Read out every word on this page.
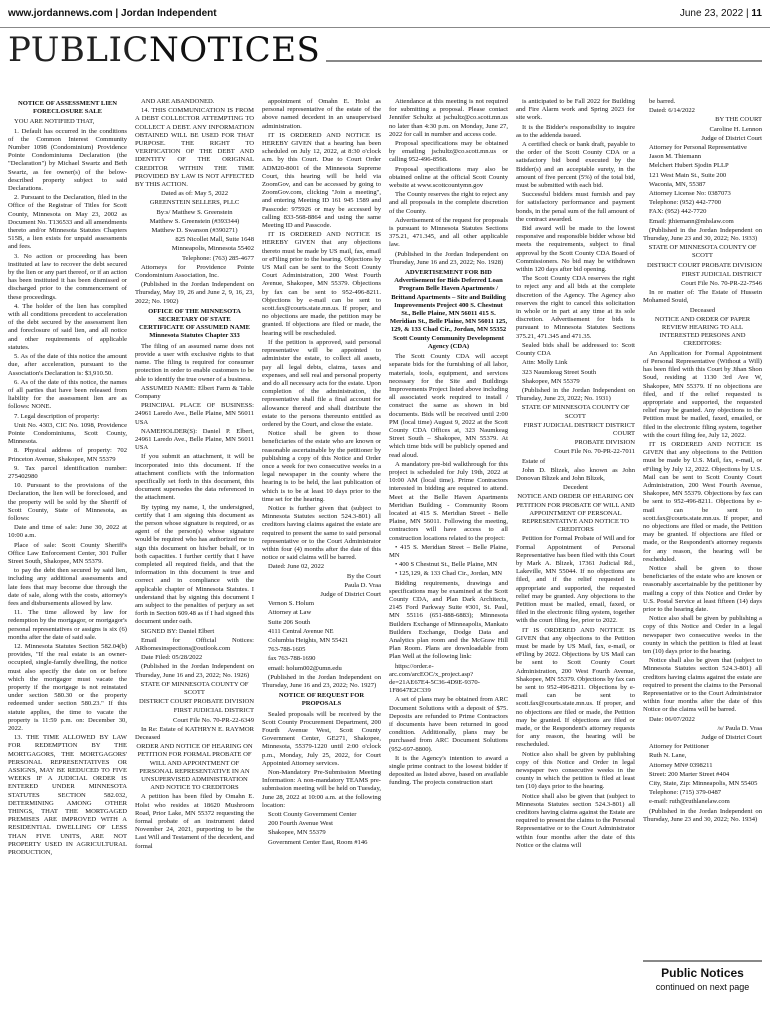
www.jordannews.com | Jordan Independent	June 23, 2022 | 11
PUBLIC NOTICES

NOTICE OF ASSESSMENT LIEN FORECLOSURE SALE

YOU ARE NOTIFIED THAT,

1. Default has occurred in the conditions of the Common Interest Community Number 1098 (Condominium) Providence Pointe Condominiums Declaration (the "Declaration") by Michael Swartz and Beth Swartz, as fee owner(s) of the below-described property subject to said Declarations.

2. Pursuant to the Declaration, filed in the Office of the Registrar of Titles for Scott County, Minnesota on May 23, 2002 as Document No. T136533 and all amendments thereto and/or Minnesota Statutes Chapters 515B, a lien exists for unpaid assessments and fees.

3. No action or proceeding has been instituted at law to recover the debt secured by the lien or any part thereof, or if an action has been instituted it has been dismissed or discharged prior to the commencement of these proceedings.

4. The holder of the lien has complied with all conditions precedent to acceleration of the debt secured by the assessment lien and foreclosure of said lien, and all notice and other requirements of applicable statutes.

5. As of the date of this notice the amount due, after acceleration, pursuant to the Association's Declaration is: $3,910.50.

6. As of the date of this notice, the names of all parties that have been released from liability for the assessment lien are as follows: NONE.

7. Legal description of property:

Unit No. 4303, CIC No. 1098, Providence Pointe Condominiums, Scott County, Minnesota.

8. Physical address of property: 702 Princeton Avenue, Shakopee, MN 55379

9. Tax parcel identification number: 275402980

10. Pursuant to the provisions of the Declaration, the lien will be foreclosed, and the property will be sold by the Sheriff of Scott County, State of Minnesota, as follows:

Date and time of sale: June 30, 2022 at 10:00 a.m.

Place of sale: Scott County Sheriff's Office Law Enforcement Center, 301 Fuller Street South, Shakopee, MN 55379.

to pay the debt then secured by said lien, including any additional assessments and late fees that may become due through the date of sale, along with the costs, attorney's fees and disbursements allowed by law.

11. The time allowed by law for redemption by the mortgagor, or mortgagor's personal representatives or assigns is six (6) months after the date of said sale.

12. Minnesota Statutes Section 582.04(b) provides, "If the real estate is an owner-occupied, single-family dwelling, the notice must also specify the date on or before which the mortgagor must vacate the property if the mortgage is not reinstated under section 580.30 or the property redeemed under section 580.23." If this statute applies, the time to vacate the property is 11:59 p.m. on: December 30, 2022.

13. THE TIME ALLOWED BY LAW FOR REDEMPTION BY THE MORTGAGORS, THE MORTGAGORS' PERSONAL REPRESENTATIVES OR ASSIGNS, MAY BE REDUCED TO FIVE WEEKS IF A JUDICIAL ORDER IS ENTERED UNDER MINNESOTA STATUTES SECTION 582.032, DETERMINING AMONG OTHER THINGS, THAT THE MORTGAGED PREMISES ARE IMPROVED WITH A RESIDENTIAL DWELLING OF LESS THAN FIVE UNITS, ARE NOT PROPERTY USED IN AGRICULTURAL PRODUCTION,

AND ARE ABANDONED.

14. THIS COMMUNICATION IS FROM A DEBT COLLECTOR ATTEMPTING TO COLLECT A DEBT. ANY INFORMATION OBTAINED WILL BE USED FOR THAT PURPOSE. THE RIGHT TO VERIFICATION OF THE DEBT AND IDENTITY OF THE ORIGINAL CREDITOR WITHIN THE TIME PROVIDED BY LAW IS NOT AFFECTED BY THIS ACTION.

Dated as of: May 5, 2022

GREENSTEIN SELLERS, PLLC

By:s/ Matthew S. Greenstein

Matthew S. Greenstein (#393344)

Matthew D. Swanson (#390271)

825 Nicollet Mall, Suite 1648

Minneapolis, Minnesota 55402

Telephone: (763) 285-4677

Attorneys for Providence Pointe Condominium Association, Inc.

(Published in the Jordan Independent on Thursday, May 19, 26 and June 2, 9, 16, 23, 2022; No. 1902)

OFFICE OF THE MINNESOTA SECRETARY OF STATE CERTIFICATE OF ASSUMED NAME Minnesota Statutes Chapter 333

The filing of an assumed name does not provide a user with exclusive rights to that name. The filing is required for consumer protection in order to enable customers to be able to identify the true owner of a business.

ASSUMED NAME: Elbert Farm & Table Company

PRINCIPAL PLACE OF BUSINESS: 24961 Laredo Ave., Belle Plaine, MN 56011 USA

NAMEHOLDER(S): Daniel P. Elbert, 24961 Laredo Ave., Belle Plaine, MN 56011 USA

If you submit an attachment, it will be incorporated into this document. If the attachment conflicts with the information specifically set forth in this document, this document supersedes the data referenced in the attachment.

By typing my name, I, the undersigned, certify that I am signing this document as the person whose signature is required, or as agent of the person(s) whose signature would be required who has authorized me to sign this document on his/her behalf, or in both capacities. I further certify that I have completed all required fields, and that the information in this document is true and correct and in compliance with the applicable chapter of Minnesota Statutes. I understand that by signing this document I am subject to the penalties of perjury as set forth in Section 609.48 as if I had signed this document under oath.

SIGNED BY: Daniel Elbert

Email for Official Notices: ARhomesinspections@outlook.com

Date Filed: 05/28/2022

(Published in the Jordan Independent on Thursday, June 16 and 23, 2022; No. 1926)

STATE OF MINNESOTA COUNTY OF SCOTT

DISTRICT COURT PROBATE DIVISION

FIRST JUDICIAL DISTRICT

Court File No. 70-PR-22-6349

In Re: Estate of KATHRYN E. RAYMOR Deceased

ORDER AND NOTICE OF HEARING ON PETITION FOR FORMAL PROBATE OF WILL AND APPOINTMENT OF PERSONAL REPRESENTATIVE IN AN UNSUPERVISED ADMINISTRATION AND NOTICE TO CREDITORS

A petition has been filed by Omahn E. Holst who resides at 18620 Mushroom Road, Prior Lake, MN 55372 requesting the formal probate of an instrument dated November 24, 2021, purporting to be the Last Will and Testament of the decedent, and formal

appointment of Omahn E. Holst as personal representative of the estate of the above named decedent in an unsupervised administration.

IT IS ORDERED AND NOTICE IS HEREBY GIVEN that a hearing has been scheduled on July 12, 2022, at 8:30 o'clock a.m. by this Court. Due to Court Order ADM20-8001 of the Minnesota Supreme Court, this hearing will be held via ZoomGov, and can be accessed by going to ZoomGov.com, clicking "Join a meeting", and entering Meeting ID 161 945 1589 and Passcode: 975926 or may be accessed by calling 833-568-8864 and using the same Meeting ID and Passcode.

IT IS ORDERED AND NOTICE IS HEREBY GIVEN that any objections thereto must be made by US mail, fax, email or eFiling prior to the hearing. Objections by US Mail can be sent to the Scott County Court Administration, 200 West Fourth Avenue, Shakopee, MN 55379. Objections by fax can be sent to 952-496-8211. Objections by e-mail can be sent to scott.fax@courts.state.mn.us. If proper, and no objections are made, the petition may be granted. If objections are filed or made, the hearing will be rescheduled.

If the petition is approved, said personal representative will be appointed to administer the estate, to collect all assets, pay all legal debts, claims, taxes and expenses, and sell real and personal property and do all necessary acts for the estate. Upon completion of the administration, the representative shall file a final account for allowance thereof and shall distribute the estate to the persons thereunto entitled as ordered by the Court, and close the estate.

Notice shall be given to those beneficiaries of the estate who are known or reasonable ascertainable by the petitioner by publishing a copy of this Notice and Order once a week for two consecutive weeks in a legal newspaper in the county where the hearing is to be held, the last publication of which is to be at least 10 days prior to the time set for the hearing.

Notice is further given that (subject to Minnesota Statutes section 524.3-801) all creditors having claims against the estate are required to present the same to said personal representative or to the Court Administrator within four (4) months after the date of this notice or said claims will be barred.

Dated: June 02, 2022

By the Court

Paula D. Vraa

Judge of District Court

Vernon S. Holum

Attorney at Law

Suite 206 South

4111 Central Avenue NE

Columbia Heights, MN 55421

763-788-1605

fax 763-788-1690

email: holum002@umn.edu

(Published in the Jordan Independent on Thursday, June 16 and 23, 2022; No. 1927)

NOTICE OF REQUEST FOR PROPOSALS

Sealed proposals will be received by the Scott County Procurement Department, 200 Fourth Avenue West, Scott County Government Center, GE271, Shakopee, Minnesota, 55379-1220 until 2:00 o'clock p.m., Monday, July 25, 2022, for Court Appointed Attorney services.

Non-Mandatory Pre-Submission Meeting Information: A non-mandatory TEAMS pre-submission meeting will be held on Tuesday, June 28, 2022 at 10:00 a.m. at the following location:

Scott County Government Center

200 Fourth Avenue West

Shakopee, MN 55379

Government Center East, Room #146

Attendance at this meeting is not required for submitting a proposal. Please contact Jennifer Schultz at jschultz@co.scott.mn.us no later than 4:30 p.m. on Monday, June 27, 2022 for call in number and access code.

Proposal specifications may be obtained by emailing jschultz@co.scott.mn.us or calling 952-496-8568.

Proposal specifications may also be obtained online at the official Scott County website at www.scottcountymn.gov

The County reserves the right to reject any and all proposals in the complete discretion of the County.

Advertisement of the request for proposals is pursuant to Minnesota Statutes Sections 375.21, 471.345, and all other applicable law.

(Published in the Jordan Independent on Thursday, June 16 and 23, 2022; No. 1928)

ADVERTISEMENT FOR BID Advertisement for Bids Deferred Loan Program Belle Haven Apartments / Brittand Apartments – Site and Building Improvements Project 400 S. Chestnut St., Belle Plaine, MN 56011 415 S. Meridian St., Belle Plaine, MN 56011 125, 129, & 133 Chad Cir., Jordan, MN 55352 Scott County Community Development Agency (CDA)

The Scott County CDA will accept separate bids for the furnishing of all labor, materials, tools, equipment, and services necessary for the Site and Buildings Improvements Project listed above including all associated work required to install / construct the same as shown in bid documents. Bids will be received until 2:00 PM (local time) August 9, 2022 at the Scott County CDA Offices at, 323 Naumkeag Street South – Shakopee, MN 55379. At which time bids will be publicly opened and read aloud.

A mandatory pre-bid walkthrough for this project is scheduled for July 19th, 2022 at 10:00 AM (local time). Prime Contractors interested in bidding are required to attend. Meet at the Belle Haven Apartments Meridian Building - Community Room located at 415 S. Meridian Street - Belle Plaine, MN 56011. Following the meeting, contractors will have access to all construction locations related to the project:

• 415 S. Meridian Street – Belle Plaine, MN

• 400 S Chestnut St., Belle Plaine, MN

• 125,129, & 133 Chad Cir., Jordan, MN

Bidding requirements, drawings and specifications may be examined at the Scott County CDA, and Plan Dark Architects, 2145 Ford Parkway Suite #301, St. Paul, MN 55116 (651-888-6883); Minnesota Builders Exchange of Minneapolis, Mankato Builders Exchange, Dodge Data and Analytics plan room and the McGraw Hill Plan Room. Plans are downloadable from Plan Well at the following link:

https://order.e-arc.com/arcEOC/x_project.asp?de=21AE67E4-5C36-4D9E-9370-1F8647E2C339

A set of plans may be obtained from ARC Document Solutions with a deposit of $75. Deposits are refunded to Prime Contractors if documents have been returned in good condition. Additionally, plans may be purchased from ARC Document Solutions (952-697-8800).

It is the Agency's intention to award a single prime contract to the lowest bidder if deposited as listed above, based on available funding. The projects construction start

is anticipated to be Fall 2022 for Building and Fire Alarm work and Spring 2023 for site work.

It is the Bidder's responsibility to inquire as to the addenda issued.

A certified check or bank draft, payable to the order of the Scott County CDA or a satisfactory bid bond executed by the Bidder(s) and an acceptable surety, in the amount of five percent (5%) of the total bid, must be submitted with each bid.

Successful bidders must furnish and pay for satisfactory performance and payment bonds, in the penal sum of the full amount of the contract awarded.

Bid award will be made to the lowest responsive and responsible bidder whose bid meets the requirements, subject to final approval by the Scott County CDA Board of Commissioners. No bid may be withdrawn within 120 days after bid opening.

The Scott County CDA reserves the right to reject any and all bids at the complete discretion of the Agency. The Agency also reserves the right to cancel this solicitation in whole or in part at any time at its sole discretion. Advertisement for bids is pursuant to Minnesota Statutes Sections 375.21, 471.345 and 471.35.

Sealed bids shall be addressed to: Scott County CDA

Attn: Molly Link

323 Naumkeag Street South

Shakopee, MN 55379

(Published in the Jordan Independent on Thursday, June 23, 2022; No. 1931)

STATE OF MINNESOTA COUNTY OF SCOTT

FIRST JUDICIAL DISTRICT DISTRICT COURT

PROBATE DIVISION

Court File No. 70-PR-22-7011

Estate of

John D. Blizek, also known as John Donovan Blizek and John Blizek,

Decedent

NOTICE AND ORDER OF HEARING ON PETITION FOR PROBATE OF WILL AND APPOINTMENT OF PERSONAL REPRESENTATIVE AND NOTICE TO CREDITORS

Petition for Formal Probate of Will and for Formal Appointment of Personal Representative has been filed with this Court by Mark A. Blizek, 17361 Judicial Rd., Lakeville, MN 55044. If no objections are filed, and if the relief requested is appropriate and supported, the requested relief may be granted. Any objections to the Petition must be mailed, email, faxed, or filed in the electronic filing system, together with the court filing fee, prior to 2022.

IT IS ORDERED AND NOTICE IS GIVEN that any objections to the Petition must be made by US Mail, fax, e-mail, or eFiling by 2022. Objections by US Mail can be sent to Scott County Court Administration, 200 West Fourth Avenue, Shakopee, MN 55379. Objections by fax can be sent to 952-496-8211. Objections by e-mail can be sent to scott.fax@courts.state.mn.us. If proper, and no objections are filed or made, the Petition may be granted. If objections are filed or made, or the Respondent's attorney requests for any reason, the hearing will be rescheduled.

Notice also shall be given by publishing copy of this Notice and Order in legal newspaper two consecutive weeks in the county in which the petition is filed at least ten (10) days prior to the hearing.

Notice shall also be given that (subject to Minnesota Statutes section 524.3-801) all creditors having claims against the Estate are required to present the claims to the Personal Representative or to the Court Administrator within four months after the date of this Notice or the claims will

be barred.

Dated: 6/14/2022

BY THE COURT

Caroline H. Lennon

Judge of District Court

Attorney for Personal Representative

Jason M. Thiemann

Melchert Hubert Sjodin PLLP

121 West Main St., Suite 200

Waconia, MN, 55387

Attorney License No: 0387073

Telephone: (952) 442-7700

FAX: (952) 442-7720

Email: jthiemann@mhslaw.com

(Published in the Jordan Independent on Thursday, June 23 and 30, 2022; No. 1933)

STATE OF MINNESOTA COUNTY OF SCOTT

DISTRICT COURT PROBATE DIVISION

FIRST JUDICIAL DISTRICT

Court File No. 70-PR-22-7546

In re matter of: The Estate of Hussein Mohamed Souid,

Deceased

NOTICE AND ORDER OF PAPER REVIEW HEARING TO ALL INTERESTED PERSONS AND CREDITORS:

An Application for Formal Appointment of Personal Representative (Without a Will) has been filed with this Court by Jihan Shon Soud, residing at 1130 3rd Ave W, Shakopee, MN 55379. If no objections are filed, and if the relief requested is appropriate and supported, the requested relief may be granted. Any objections to the Petition must be mailed, faxed, emailed, or filed in the electronic filing system, together with the court filing fee, July 12, 2022.

IT IS ORDERED AND NOTICE IS GIVEN that any objections to the Petition must be made by U.S. Mail, fax, e-mail, or eFiling by July 12, 2022. Objections by U.S. Mail can be sent to Scott County Court Administration, 200 West Fourth Avenue, Shakopee, MN 55379. Objections by fax can be sent to 952-496-8211. Objections by e-mail can be sent to scott.fax@courts.state.mn.us. If proper, and no objections are filed or made, the Petition may be granted. If objections are filed or made, or the Respondent's attorney requests for any reason, the hearing will be rescheduled.

Notice shall be given to those beneficiaries of the estate who are known or reasonably ascertainable by the petitioner by mailing a copy of this Notice and Order by U.S. Postal Service at least fifteen (14) days prior to the hearing date.

Notice also shall be given by publishing a copy of this Notice and Order in a legal newspaper two consecutive weeks in the county in which the petition is filed at least ten (10) days prior to the hearing.

Notice shall also be given that (subject to Minnesota Statutes section 524.3-801) all creditors having claims against the estate are required to present the claims to the Personal Representative or to the Court Administrator within four months after the date of this Notice or the claims will be barred.

Date: 06/07/2022

/s/ Paula D. Vraa

Judge of District Court

Attorney for Petitioner

Ruth N. Lane,

Attorney MN# 0398211

Street: 200 Marter Street #404

City, State, Zip: Minneapolis, MN 55405

Telephone: (715) 379-0487

e-mail: ruth@ruthlanelaw.com

(Published in the Jordan Independent on Thursday, June 23 and 30, 2022; No. 1934)

Public Notices
continued on next page
